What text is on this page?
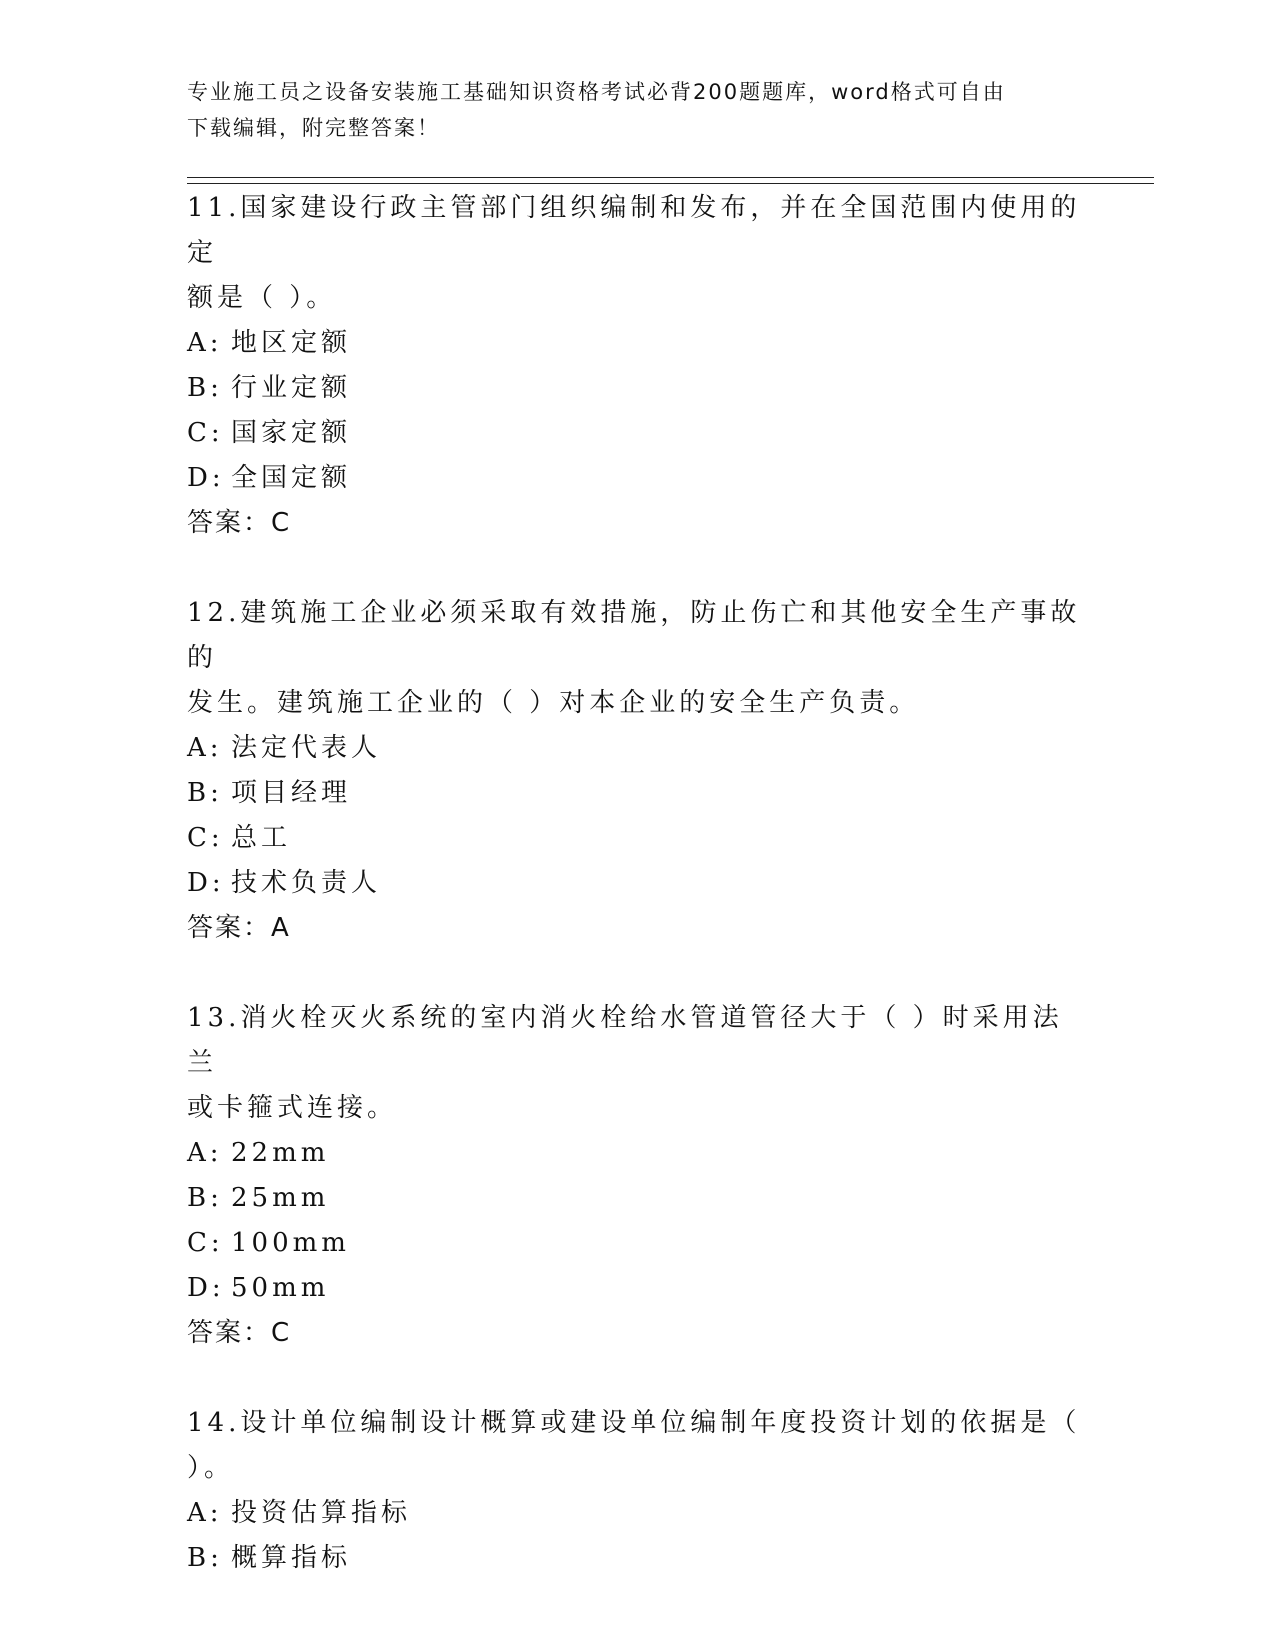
专业施工员之设备安装施工基础知识资格考试必背200题题库，word格式可自由
下载编辑，附完整答案！
11.国家建设行政主管部门组织编制和发布，并在全国范围内使用的定
额是（ ）。
A: 地区定额
B: 行业定额
C: 国家定额
D: 全国定额
答案：C
12.建筑施工企业必须采取有效措施，防止伤亡和其他安全生产事故的
发生。建筑施工企业的（ ）对本企业的安全生产负责。
A: 法定代表人
B: 项目经理
C: 总工
D: 技术负责人
答案：A
13.消火栓灭火系统的室内消火栓给水管道管径大于（ ）时采用法兰
或卡箍式连接。
A: 22mm
B: 25mm
C: 100mm
D: 50mm
答案：C
14.设计单位编制设计概算或建设单位编制年度投资计划的依据是（
）。
A: 投资估算指标
B: 概算指标
